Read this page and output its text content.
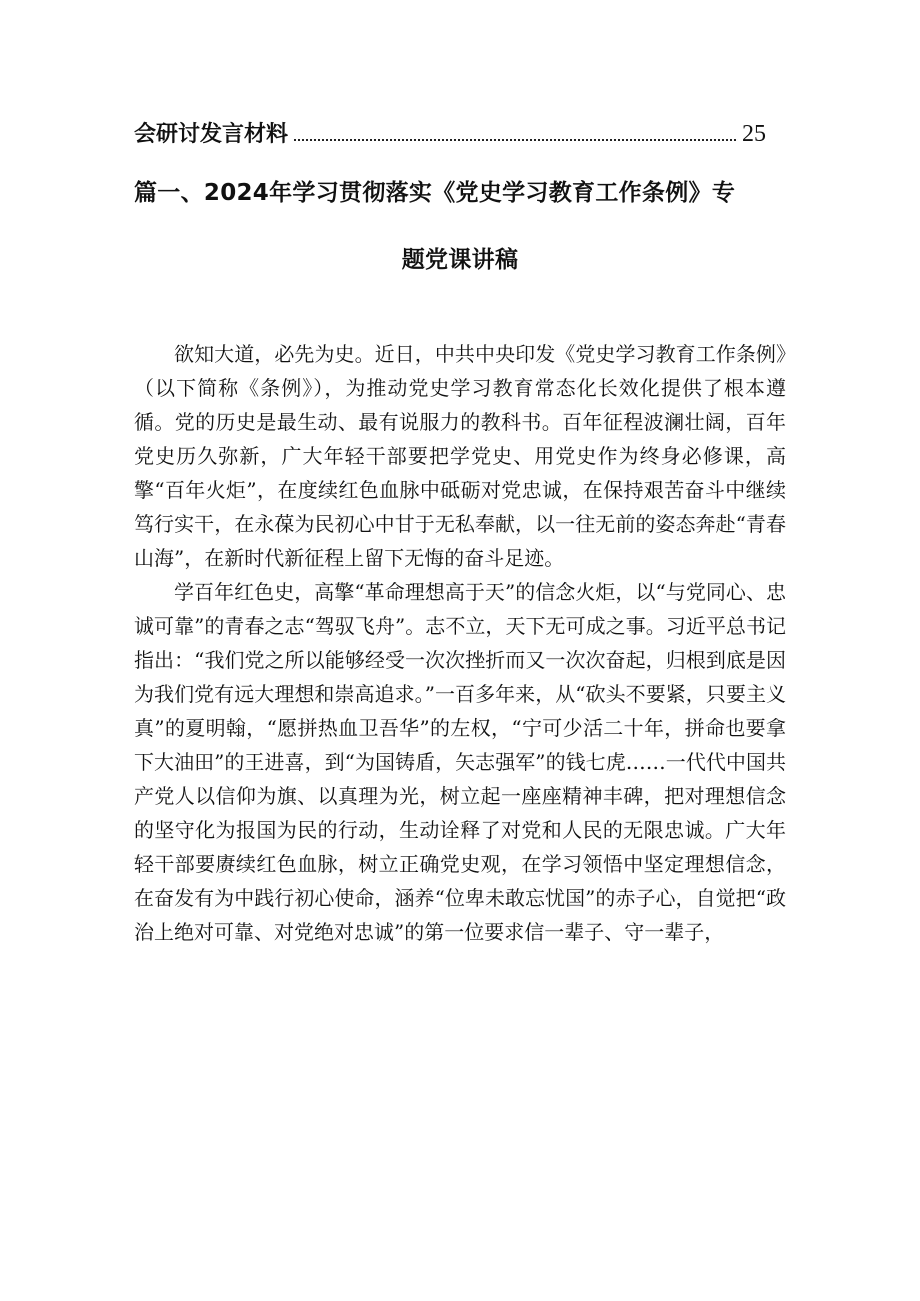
会研讨发言材料	25
篇一、2024年学习贯彻落实《党史学习教育工作条例》专
题党课讲稿

欲知大道，必先为史。近日，中共中央印发《党史学习教育工作条例》（以下简称《条例》），为推动党史学习教育常态化长效化提供了根本遵循。党的历史是最生动、最有说服力的教科书。百年征程波澜壮阔，百年党史历久弥新，广大年轻干部要把学党史、用党史作为终身必修课，高擎“百年火炬”，在度续红色血脉中砥砺对党忠诚，在保持艰苦奋斗中继续笃行实干，在永葆为民初心中甘于无私奉献，以一往无前的姿态奔赴“青春山海”，在新时代新征程上留下无悔的奋斗足迹。

学百年红色史，高擎“革命理想高于天”的信念火炬，以“与党同心、忠诚可靠”的青春之志“驾驭飞舟”。志不立，天下无可成之事。习近平总书记指出：“我们党之所以能够经受一次次挫折而又一次次奋起，归根到底是因为我们党有远大理想和崇高追求。”一百多年来，从“砍头不要紧，只要主义真”的夏明翰，“愿拼热血卫吾华”的左权，“宁可少活二十年，拼命也要拿下大油田”的王进喜，到“为国铸盾，矢志强军”的钱七虎……一代代中国共产党人以信仰为旗、以真理为光，树立起一座座精神丰碑，把对理想信念的坚守化为报国为民的行动，生动诠释了对党和人民的无限忠诚。广大年轻干部要赓续红色血脉，树立正确党史观，在学习领悟中坚定理想信念，在奋发有为中践行初心使命，涵养“位卑未敢忘忧国”的赤子心，自觉把“政治上绝对可靠、对党绝对忠诚”的第一位要求信一辈子、守一辈子，
